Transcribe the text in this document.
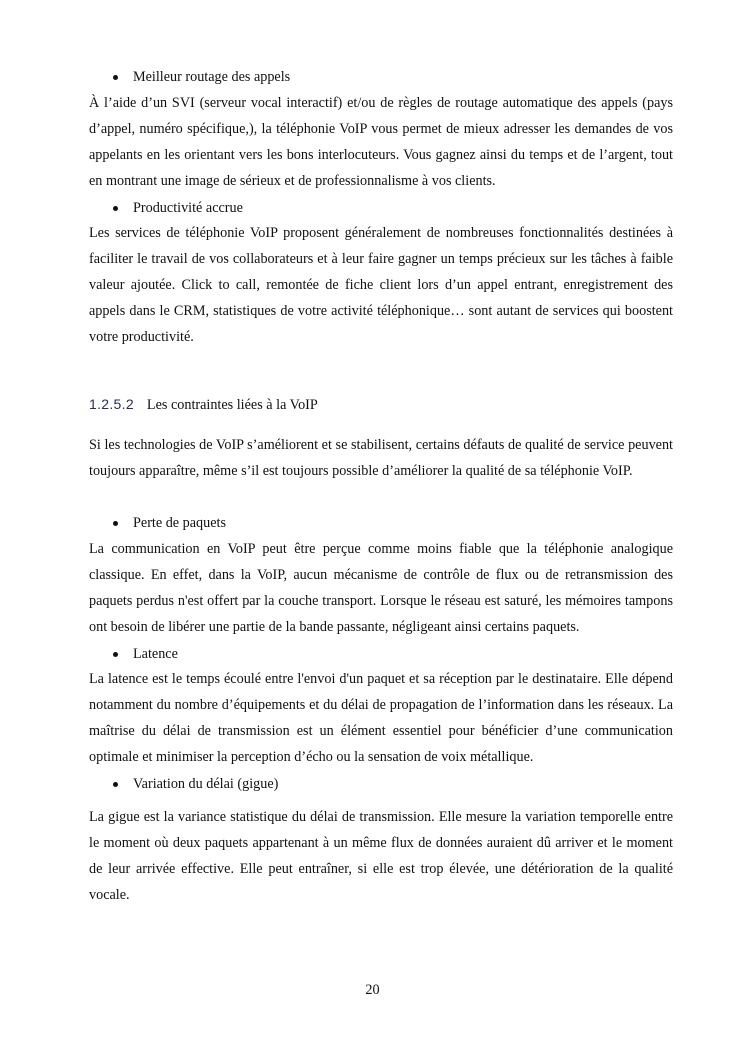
Meilleur routage des appels

À l’aide d’un SVI (serveur vocal interactif) et/ou de règles de routage automatique des appels (pays d’appel, numéro spécifique,), la téléphonie VoIP vous permet de mieux adresser les demandes de vos appelants en les orientant vers les bons interlocuteurs. Vous gagnez ainsi du temps et de l’argent, tout en montrant une image de sérieux et de professionnalisme à vos clients.

Productivité accrue

Les services de téléphonie VoIP proposent généralement de nombreuses fonctionnalités destinées à faciliter le travail de vos collaborateurs et à leur faire gagner un temps précieux sur les tâches à faible valeur ajoutée. Click to call, remontée de fiche client lors d’un appel entrant, enregistrement des appels dans le CRM, statistiques de votre activité téléphonique… sont autant de services qui boostent votre productivité.

1.2.5.2 Les contraintes liées à la VoIP

Si les technologies de VoIP s’améliorent et se stabilisent, certains défauts de qualité de service peuvent toujours apparaître, même s’il est toujours possible d’améliorer la qualité de sa téléphonie VoIP.

Perte de paquets

La communication en VoIP peut être perçue comme moins fiable que la téléphonie analogique classique. En effet, dans la VoIP, aucun mécanisme de contrôle de flux ou de retransmission des paquets perdus n'est offert par la couche transport. Lorsque le réseau est saturé, les mémoires tampons ont besoin de libérer une partie de la bande passante, négligeant ainsi certains paquets.

Latence

La latence est le temps écoulé entre l'envoi d'un paquet et sa réception par le destinataire. Elle dépend notamment du nombre d’équipements et du délai de propagation de l’information dans les réseaux. La maîtrise du délai de transmission est un élément essentiel pour bénéficier d’une communication optimale et minimiser la perception d’écho ou la sensation de voix métallique.

Variation du délai (gigue)

La gigue est la variance statistique du délai de transmission. Elle mesure la variation temporelle entre le moment où deux paquets appartenant à un même flux de données auraient dû arriver et le moment de leur arrivée effective. Elle peut entraîner, si elle est trop élevée, une détérioration de la qualité vocale.

20
